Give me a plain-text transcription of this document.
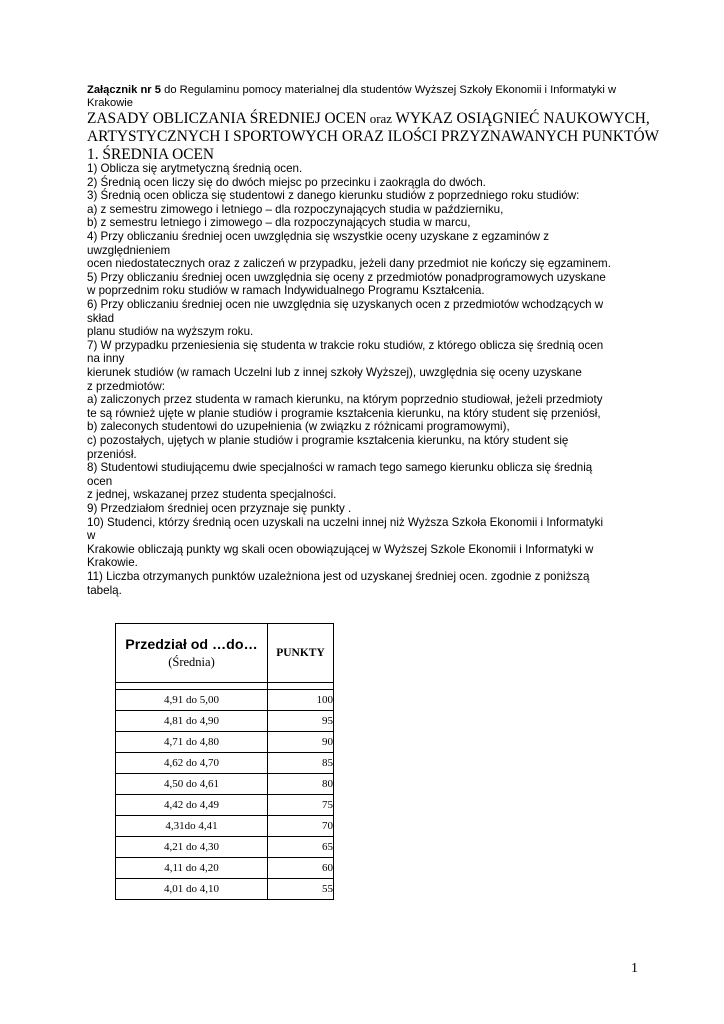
Załącznik nr 5 do Regulaminu pomocy materialnej dla studentów Wyższej Szkoły Ekonomii i Informatyki w
Krakowie
ZASADY OBLICZANIA ŚREDNIEJ OCEN oraz WYKAZ OSIĄGNIEĆ NAUKOWYCH,
ARTYSTYCZNYCH I SPORTOWYCH ORAZ ILOŚCI PRZYZNAWANYCH PUNKTÓW
1. ŚREDNIA OCEN
1) Oblicza się arytmetyczną średnią ocen.
2) Średnią ocen liczy się do dwóch miejsc po przecinku i zaokrągla do dwóch.
3) Średnią ocen oblicza się studentowi z danego kierunku studiów z poprzedniego roku studiów:
a) z semestru zimowego i letniego – dla rozpoczynających studia w październiku,
b) z semestru letniego i zimowego – dla rozpoczynających studia w marcu,
4) Przy obliczaniu średniej ocen uwzględnia się wszystkie oceny uzyskane z egzaminów z
uwzględnieniem
ocen niedostatecznych oraz z zaliczeń w przypadku, jeżeli dany przedmiot nie kończy się egzaminem.
5) Przy obliczaniu średniej ocen uwzględnia się oceny z przedmiotów ponadprogramowych uzyskane
w poprzednim roku studiów w ramach Indywidualnego Programu Kształcenia.
6) Przy obliczaniu średniej ocen nie uwzględnia się uzyskanych ocen z przedmiotów wchodzących w
skład
planu studiów na wyższym roku.
7) W przypadku przeniesienia się studenta w trakcie roku studiów, z którego oblicza się średnią ocen
na inny
kierunek studiów (w ramach Uczelni lub z innej szkoły Wyższej), uwzględnia się oceny uzyskane
z przedmiotów:
a) zaliczonych przez studenta w ramach kierunku, na którym poprzednio studiował, jeżeli przedmioty
te są również ujęte w planie studiów i programie kształcenia kierunku, na który student się przeniósł,
b) zaleconych studentowi do uzupełnienia (w związku z różnicami programowymi),
c) pozostałych, ujętych w planie studiów i programie kształcenia kierunku, na który student się
przeniósł.
8) Studentowi studiującemu dwie specjalności w ramach tego samego kierunku oblicza się średnią
ocen
z jednej, wskazanej przez studenta specjalności.
9) Przedziałom średniej ocen przyznaje się punkty .
10) Studenci, którzy średnią ocen uzyskali na uczelni innej niż Wyższa Szkoła Ekonomii i Informatyki
w
Krakowie obliczają punkty wg skali ocen obowiązującej w Wyższej Szkole Ekonomii i Informatyki w
Krakowie.
11) Liczba otrzymanych punktów uzależniona jest od uzyskanej średniej ocen. zgodnie z poniższą
tabelą.
Przedział od …do…
(Średnia)	PUNKTY

4,91 do 5,00	100
4,81 do 4,90	95
4,71 do 4,80	90
4,62 do 4,70	85
4,50 do 4,61	80
4,42 do 4,49	75
4,31do 4,41	70
4,21 do 4,30	65
4,11 do 4,20	60
4,01 do 4,10	55
1
